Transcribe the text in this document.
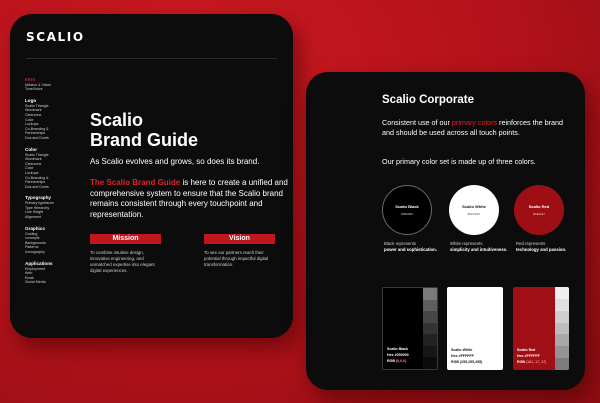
SCALIO
Intro
Mission & Vision
Tone/Voice
Logo
Scalio Triangle
Wordmark
Clearzone
Color
Lockups
Co-Branding &
Partnerships
Dos and Donts
Color
Scalio Triangle
Wordmark
Clearzone
Color
Lockups
Co-Branding &
Partnerships
Dos and Donts
Typography
Primary typefaces
Type Hierarchy
Line Height
Alignment
Graphics
Guiding
concepts
Backgrounds
Patterns
Iconography
Applications
Employment
Web
Email
Social Media
Scalio
Brand Guide
As Scalio evolves and grows, so does its brand.
The Scalio Brand Guide is here to create a unified and comprehensive system to ensure that the Scalio brand remains consistent through every touchpoint and representation.
Mission
To combine intuitive design, innovative engineering, and unmatched expertise into elegant digital experiences.
Vision
To see our partners reach their potential through impactful digital transformation.
Scalio Corporate
Consistent use of our primary colors reinforces the brand and should be used across all touch points.
Our primary color set is made up of three colors.
Scalio Black
#000000
Scalio White
#FFFFFF
Scalio Red
#AE1117
Black represents
power and sophistication.
White represents
simplicity and intuitiveness.
Red represents
technology and passion.
Scalio Black
Hex #000000
RGB (0,0,0)
Scalio White
Hex #FFFFFF
RGB (255,255,255)
Scalio Red
Hex #FFFFFF
RGB (181, 17, 17)
